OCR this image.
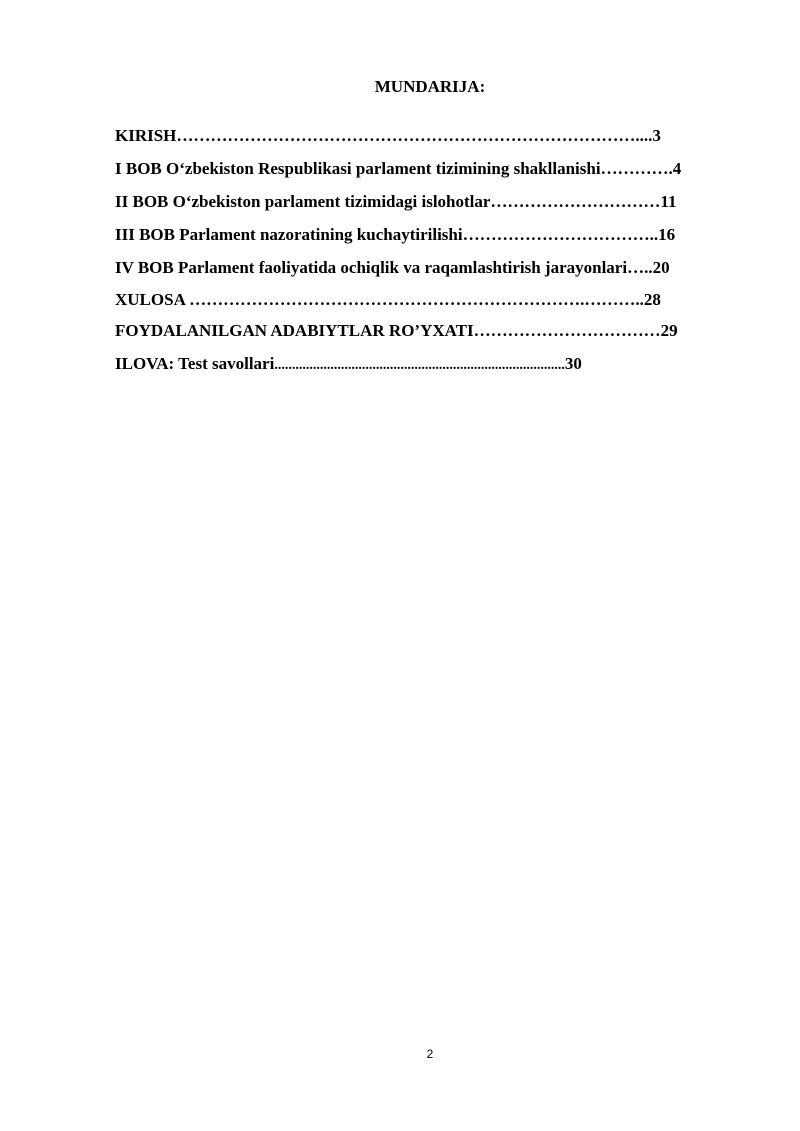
MUNDARIJA:
KIRISH………………………………………………………………………....3
I BOB O‘zbekiston Respublikasi parlament tizimining shakllanishi………….4
II BOB O‘zbekiston parlament tizimidagi islohotlar…………………………11
III BOB Parlament nazoratining kuchaytirilishi……………………………..16
IV BOB Parlament faoliyatida ochiqlik va raqamlashtirish jarayonlari…..20
XULOSA …………………………………………………………….………..28
FOYDALANILGAN ADABIYTLAR RO’YXATI……………………………29
ILOVA: Test savollari...................................................................................30
2
